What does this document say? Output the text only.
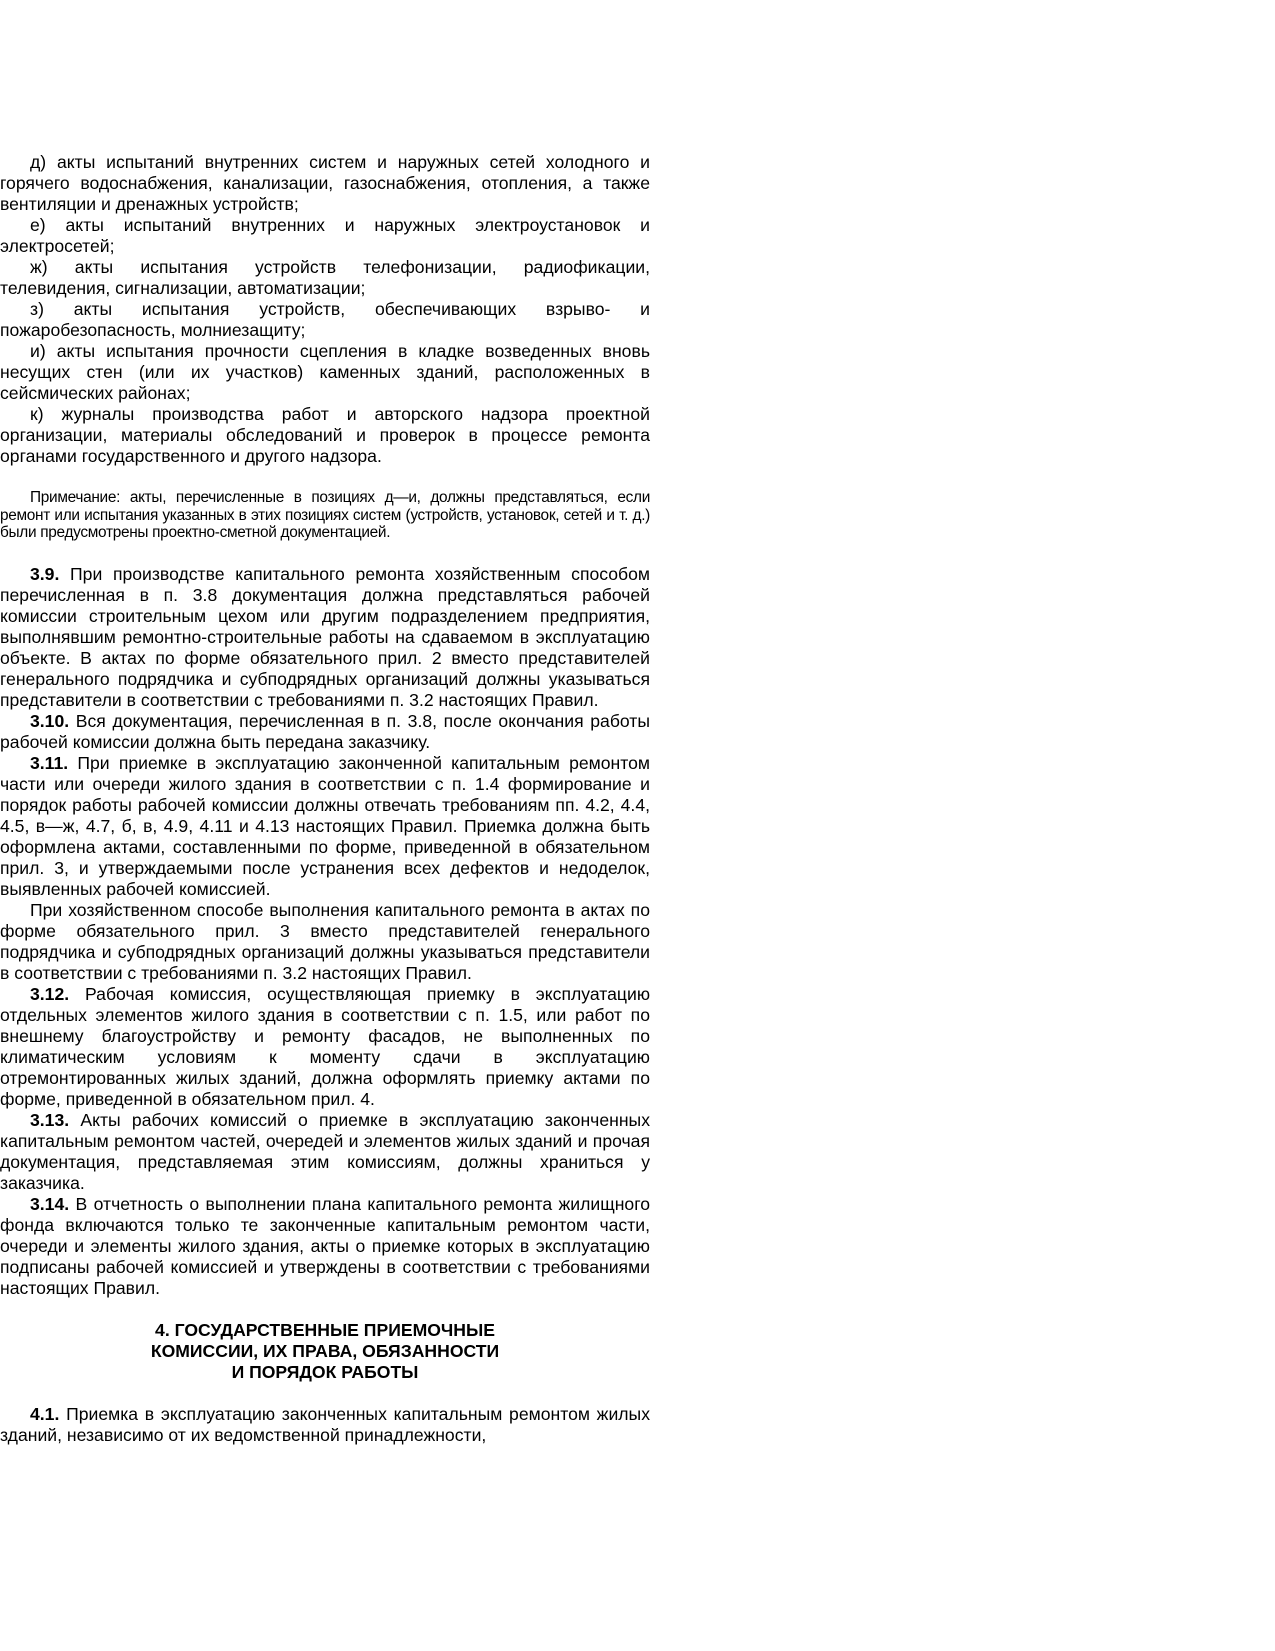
д) акты испытаний внутренних систем и наружных сетей холодного и горячего водоснабжения, канализации, газоснабжения, отопления, а также вентиляции и дренажных устройств;

е) акты испытаний внутренних и наружных электроустановок и электросетей;

ж) акты испытания устройств телефонизации, радиофикации, телевидения, сигнализации, автоматизации;

з) акты испытания устройств, обеспечивающих взрыво- и пожаробезопасность, молниезащиту;

и) акты испытания прочности сцепления в кладке возведенных вновь несущих стен (или их участков) каменных зданий, расположенных в сейсмических районах;

к) журналы производства работ и авторского надзора проектной организации, материалы обследований и проверок в процессе ремонта органами государственного и другого надзора.

Примечание: акты, перечисленные в позициях д—и, должны представляться, если ремонт или испытания указанных в этих позициях систем (устройств, установок, сетей и т. д.) были предусмотрены проектно-сметной документацией.

3.9. При производстве капитального ремонта хозяйственным способом перечисленная в п. 3.8 документация должна представляться рабочей комиссии строительным цехом или другим подразделением предприятия, выполнявшим ремонтно-строительные работы на сдаваемом в эксплуатацию объекте. В актах по форме обязательного прил. 2 вместо представителей генерального подрядчика и субподрядных организаций должны указываться представители в соответствии с требованиями п. 3.2 настоящих Правил.

3.10. Вся документация, перечисленная в п. 3.8, после окончания работы рабочей комиссии должна быть передана заказчику.

3.11. При приемке в эксплуатацию законченной капитальным ремонтом части или очереди жилого здания в соответствии с п. 1.4 формирование и порядок работы рабочей комиссии должны отвечать требованиям пп. 4.2, 4.4, 4.5, в—ж, 4.7, б, в, 4.9, 4.11 и 4.13 настоящих Правил. Приемка должна быть оформлена актами, составленными по форме, приведенной в обязательном прил. 3, и утверждаемыми после устранения всех дефектов и недоделок, выявленных рабочей комиссией.

При хозяйственном способе выполнения капитального ремонта в актах по форме обязательного прил. 3 вместо представителей генерального подрядчика и субподрядных организаций должны указываться представители в соответствии с требованиями п. 3.2 настоящих Правил.

3.12. Рабочая комиссия, осуществляющая приемку в эксплуатацию отдельных элементов жилого здания в соответствии с п. 1.5, или работ по внешнему благоустройству и ремонту фасадов, не выполненных по климатическим условиям к моменту сдачи в эксплуатацию отремонтированных жилых зданий, должна оформлять приемку актами по форме, приведенной в обязательном прил. 4.

3.13. Акты рабочих комиссий о приемке в эксплуатацию законченных капитальным ремонтом частей, очередей и элементов жилых зданий и прочая документация, представляемая этим комиссиям, должны храниться у заказчика.

3.14. В отчетность о выполнении плана капитального ремонта жилищного фонда включаются только те законченные капитальным ремонтом части, очереди и элементы жилого здания, акты о приемке которых в эксплуатацию подписаны рабочей комиссией и утверждены в соответствии с требованиями настоящих Правил.

4. ГОСУДАРСТВЕННЫЕ ПРИЕМОЧНЫЕ
КОМИССИИ, ИХ ПРАВА, ОБЯЗАННОСТИ
И ПОРЯДОК РАБОТЫ

4.1. Приемка в эксплуатацию законченных капитальным ремонтом жилых зданий, независимо от их ведомственной принадлежности,
